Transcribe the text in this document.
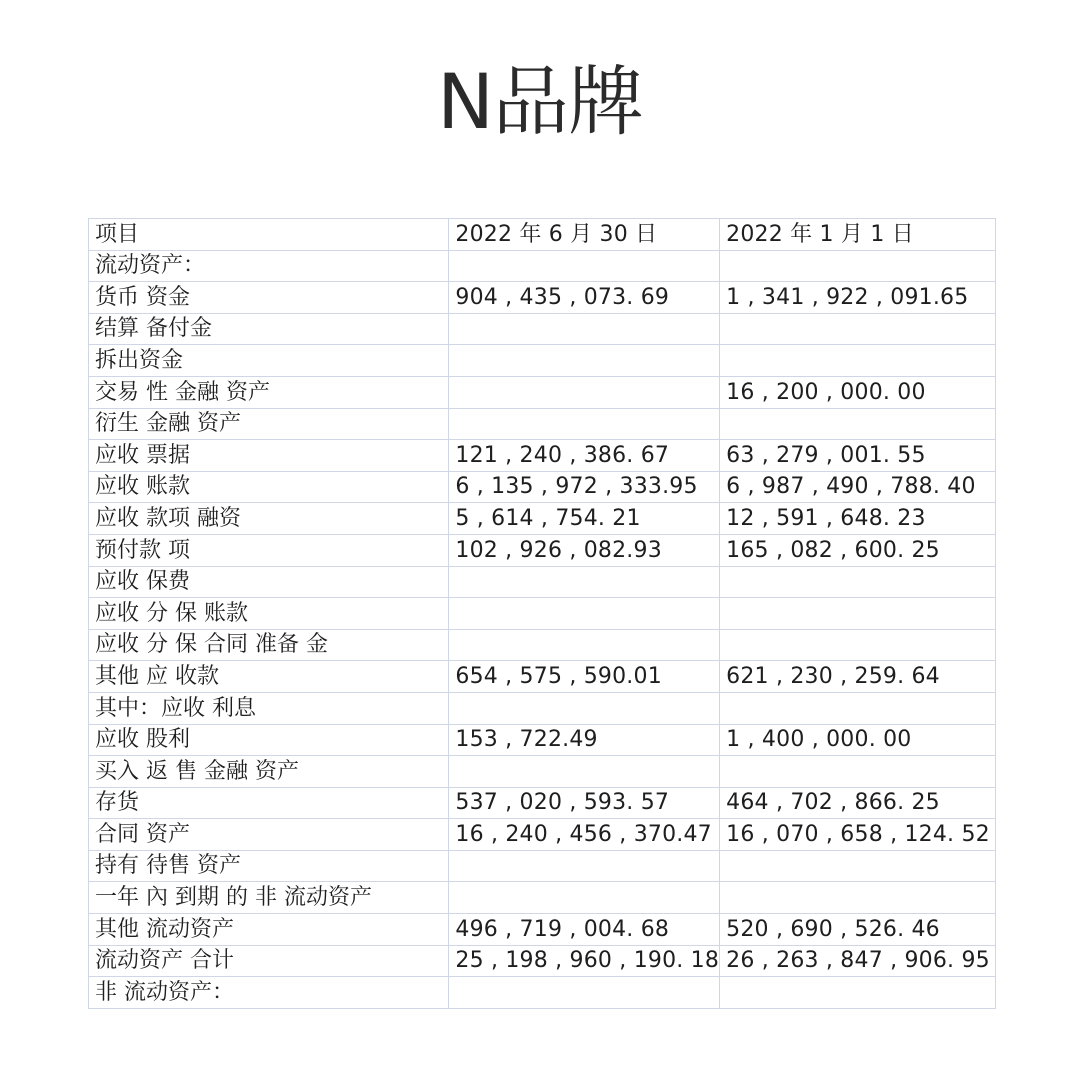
N品牌
项目	2022 年 6 月 30 日	2022 年 1 月 1 日
流动资产：		
货币 资金	904 , 435 , 073. 69	1 , 341 , 922 , 091.65
结算 备付金		
拆出资金		
交易 性 金融 资产		16 , 200 , 000. 00
衍生 金融 资产		
应收 票据	121 , 240 , 386. 67	63 , 279 , 001. 55
应收 账款	6 , 135 , 972 , 333.95	6 , 987 , 490 , 788. 40
应收 款项 融资	5 , 614 , 754. 21	12 , 591 , 648. 23
预付款 项	102 , 926 , 082.93	165 , 082 , 600. 25
应收 保费		
应收 分 保 账款		
应收 分 保 合同 准备 金		
其他 应 收款	654 , 575 , 590.01	621 , 230 , 259. 64
其中：应收 利息		
应收 股利	153 , 722.49	1 , 400 , 000. 00
买入 返 售 金融 资产		
存货	537 , 020 , 593. 57	464 , 702 , 866. 25
合同 资产	16 , 240 , 456 , 370.47	16 , 070 , 658 , 124. 52
持有 待售 资产		
一年 內 到期 的 非 流动资产		
其他 流动资产	496 , 719 , 004. 68	520 , 690 , 526. 46
流动资产 合计	25 , 198 , 960 , 190. 18	26 , 263 , 847 , 906. 95
非 流动资产：		
